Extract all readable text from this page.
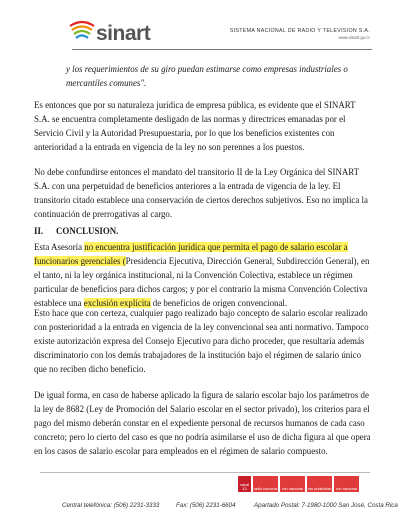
sinart	SISTEMA NACIONAL DE RADIO Y TELEVISION S.A.
www.sinart.go.cr
y los requerimientos de su giro puedan estimarse como empresas industriales o mercantiles comunes".
Es entonces que por su naturaleza jurídica de empresa pública, es evidente que el SINART S.A. se encuentra completamente desligado de las normas y directrices emanadas por el Servicio Civil y la Autoridad Presupuestaria, por lo que los beneficios existentes con anterioridad a la entrada en vigencia de la ley no son perennes a los puestos.
No debe confundirse entonces el mandato del transitorio II de la Ley Orgánica del SINART S.A. con una perpetuidad de beneficios anteriores a la entrada de vigencia de la ley. El transitorio citado establece una conservación de ciertos derechos subjetivos. Eso no implica la continuación de prerrogativas al cargo.
II. CONCLUSION.
Esta Asesoría no encuentra justificación jurídica que permita el pago de salario escolar a funcionarios gerenciales (Presidencia Ejecutiva, Dirección General, Subdirección General), en el tanto, ni la ley orgánica institucional, ni la Convención Colectiva, establece un régimen particular de beneficios para dichos cargos; y por el contrario la misma Convención Colectiva establece una exclusión explícita de beneficios de origen convencional.
Esto hace que con certeza, cualquier pago realizado bajo concepto de salario escolar realizado con posterioridad a la entrada en vigencia de la ley convencional sea anti normativo. Tampoco existe autorización expresa del Consejo Ejecutivo para dicho proceder, que resultaría además discriminatorio con los demás trabajadores de la institución bajo el régimen de salario único que no reciben dicho beneficio.
De igual forma, en caso de haberse aplicado la figura de salario escolar bajo los parámetros de la ley de 8682 (Ley de Promoción del Salario escolar en el sector privado), los criterios para el pago del mismo deberán constar en el expediente personal de recursos humanos de cada caso concreto; pero lo cierto del caso es que no podría asimilarse el uso de dicha figura al que opera en los casos de salario escolar para empleados en el régimen de salario compuesto.
canal 13	radio nacional	rdn nacional	rdn publicidad	rdn nacional
Central telefónica: (506) 2231-3333	Fax: (506) 2231-6604	Apartado Postal: 7-1980-1000 San José, Costa Rica
